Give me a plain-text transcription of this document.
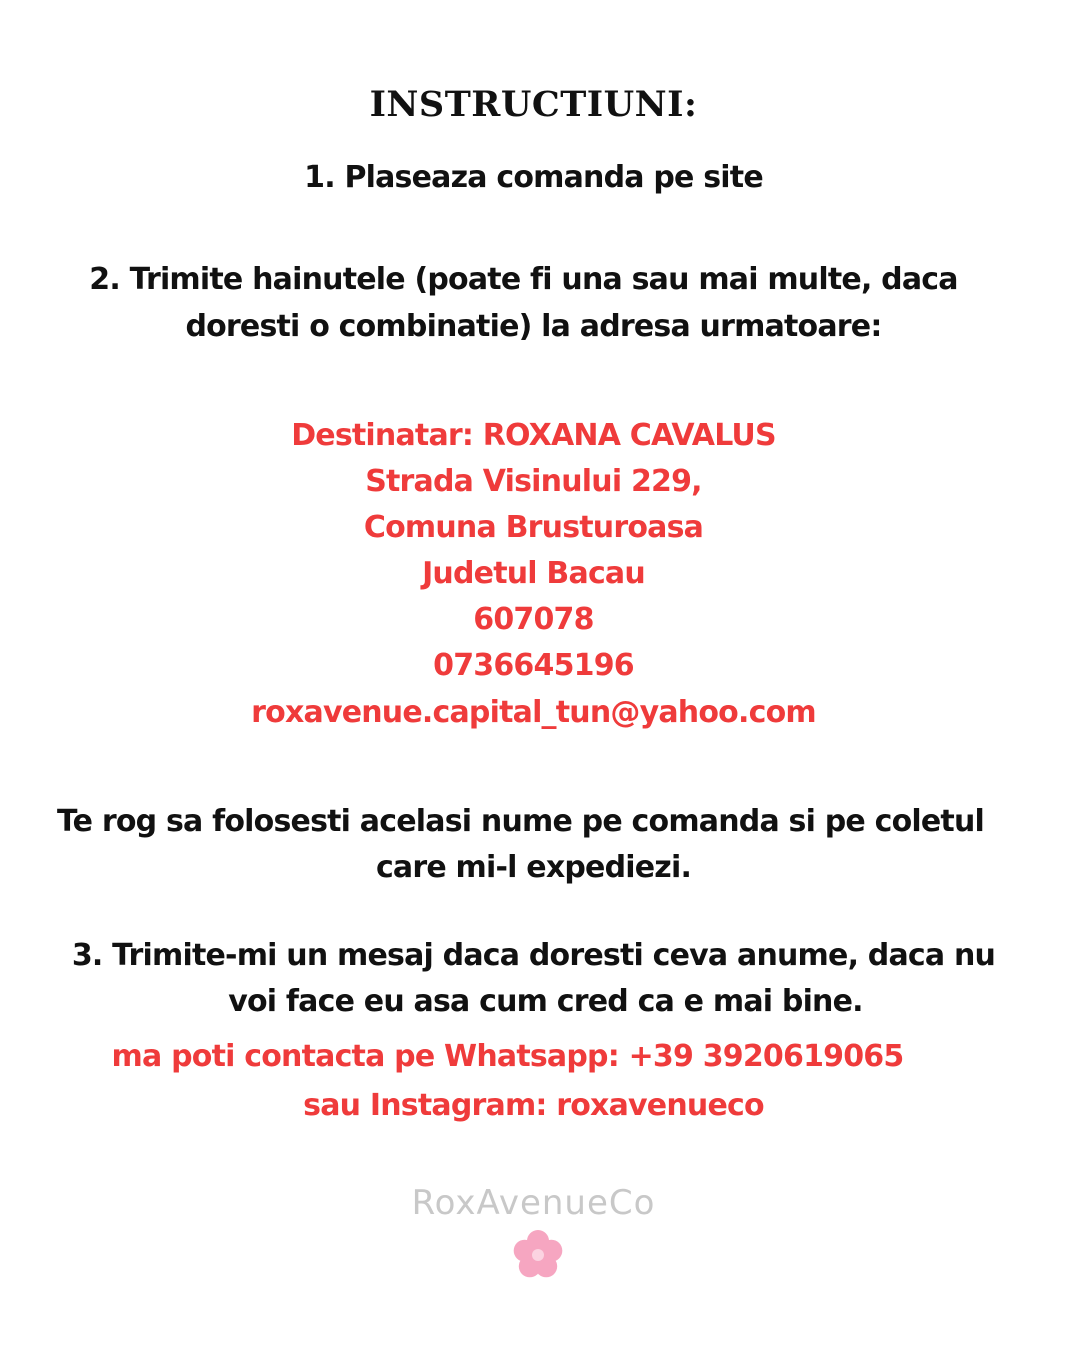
INSTRUCTIUNI:
1. Plaseaza comanda pe site
2. Trimite hainutele (poate fi una sau mai multe, daca
doresti o combinatie) la adresa urmatoare:
Destinatar: ROXANA CAVALUS
Strada Visinului 229,
Comuna Brusturoasa
Judetul Bacau
607078
0736645196
roxavenue.capital_tun@yahoo.com
Te rog sa folosesti acelasi nume pe comanda si pe coletul
care mi-l expediezi.
3. Trimite-mi un mesaj daca doresti ceva anume, daca nu
voi face eu asa cum cred ca e mai bine.
ma poti contacta pe Whatsapp: +39 3920619065
sau Instagram: roxavenueco
RoxAvenueCo
